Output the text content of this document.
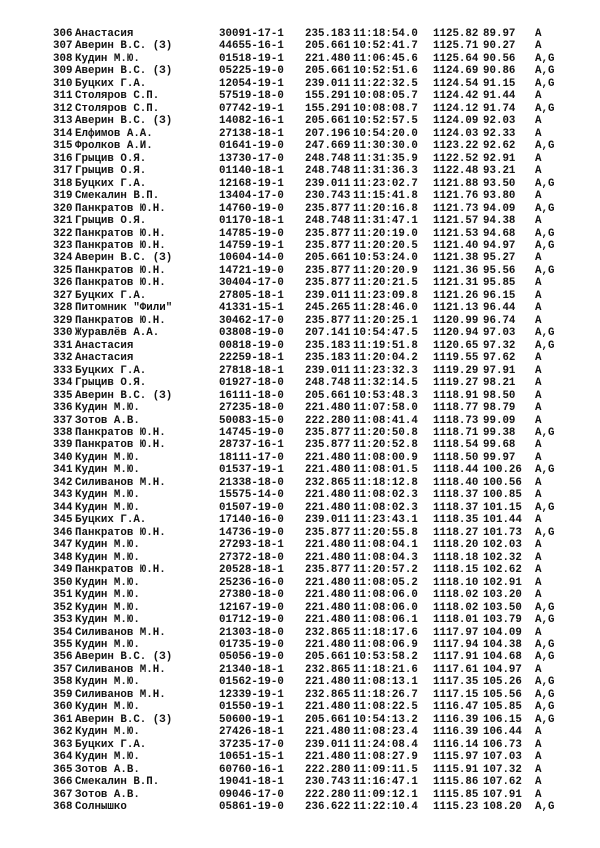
306 Анастасия	30091-17-1 235.183 11:18:54.0 1125.82 89.97 A
307 Аверин В.С. (З)	44655-16-1 205.661 10:52:41.7 1125.71 90.27 A
308 Кудин М.Ю.	01518-19-1 221.480 11:06:45.6 1125.64 90.56 A,G
309 Аверин В.С. (З)	05225-19-0 205.661 10:52:51.6 1124.69 90.86 A,G
310 Буцких Г.А.	12054-19-1 239.011 11:22:32.5 1124.54 91.15 A,G
311 Столяров С.П.	57519-18-0 155.291 10:08:05.7 1124.42 91.44 A
312 Столяров С.П.	07742-19-1 155.291 10:08:08.7 1124.12 91.74 A,G
313 Аверин В.С. (З)	14082-16-1 205.661 10:52:57.5 1124.09 92.03 A
314 Елфимов А.А.	27138-18-1 207.196 10:54:20.0 1124.03 92.33 A
315 Фролков А.И.	01641-19-0 247.669 11:30:30.0 1123.22 92.62 A,G
316 Грыцив О.Я.	13730-17-0 248.748 11:31:35.9 1122.52 92.91 A
317 Грыцив О.Я.	01140-18-1 248.748 11:31:36.3 1122.48 93.21 A
318 Буцких Г.А.	12168-19-1 239.011 11:23:02.7 1121.88 93.50 A,G
319 Смекалин В.П.	13404-17-0 230.743 11:15:41.8 1121.76 93.80 A
320 Панкратов Ю.Н.	14760-19-0 235.877 11:20:16.8 1121.73 94.09 A,G
321 Грыцив О.Я.	01170-18-1 248.748 11:31:47.1 1121.57 94.38 A
322 Панкратов Ю.Н.	14785-19-0 235.877 11:20:19.0 1121.53 94.68 A,G
323 Панкратов Ю.Н.	14759-19-1 235.877 11:20:20.5 1121.40 94.97 A,G
324 Аверин В.С. (З)	10604-14-0 205.661 10:53:24.0 1121.38 95.27 A
325 Панкратов Ю.Н.	14721-19-0 235.877 11:20:20.9 1121.36 95.56 A,G
326 Панкратов Ю.Н.	30404-17-0 235.877 11:20:21.5 1121.31 95.85 A
327 Буцких Г.А.	27805-18-1 239.011 11:23:09.8 1121.26 96.15 A
328 Питомник "Фили"	41331-15-1 245.265 11:28:46.0 1121.13 96.44 A
329 Панкратов Ю.Н.	30462-17-0 235.877 11:20:25.1 1120.99 96.74 A
330 Журавлёв А.А.	03808-19-0 207.141 10:54:47.5 1120.94 97.03 A,G
331 Анастасия	00818-19-0 235.183 11:19:51.8 1120.65 97.32 A,G
332 Анастасия	22259-18-1 235.183 11:20:04.2 1119.55 97.62 A
333 Буцких Г.А.	27818-18-1 239.011 11:23:32.3 1119.29 97.91 A
334 Грыцив О.Я.	01927-18-0 248.748 11:32:14.5 1119.27 98.21 A
335 Аверин В.С. (З)	16111-18-0 205.661 10:53:48.3 1118.91 98.50 A
336 Кудин М.Ю.	27235-18-0 221.480 11:07:58.0 1118.77 98.79 A
337 Зотов А.В.	50083-15-0 222.280 11:08:41.4 1118.73 99.09 A
338 Панкратов Ю.Н.	14745-19-0 235.877 11:20:50.8 1118.71 99.38 A,G
339 Панкратов Ю.Н.	28737-16-1 235.877 11:20:52.8 1118.54 99.68 A
340 Кудин М.Ю.	18111-17-0 221.480 11:08:00.9 1118.50 99.97 A
341 Кудин М.Ю.	01537-19-1 221.480 11:08:01.5 1118.44 100.26 A,G
342 Силиванов М.Н.	21338-18-0 232.865 11:18:12.8 1118.40 100.56 A
343 Кудин М.Ю.	15575-14-0 221.480 11:08:02.3 1118.37 100.85 A
344 Кудин М.Ю.	01507-19-0 221.480 11:08:02.3 1118.37 101.15 A,G
345 Буцких Г.А.	17140-16-0 239.011 11:23:43.1 1118.35 101.44 A
346 Панкратов Ю.Н.	14736-19-0 235.877 11:20:55.8 1118.27 101.73 A,G
347 Кудин М.Ю.	27293-18-1 221.480 11:08:04.1 1118.20 102.03 A
348 Кудин М.Ю.	27372-18-0 221.480 11:08:04.3 1118.18 102.32 A
349 Панкратов Ю.Н.	20528-18-1 235.877 11:20:57.2 1118.15 102.62 A
350 Кудин М.Ю.	25236-16-0 221.480 11:08:05.2 1118.10 102.91 A
351 Кудин М.Ю.	27380-18-0 221.480 11:08:06.0 1118.02 103.20 A
352 Кудин М.Ю.	12167-19-0 221.480 11:08:06.0 1118.02 103.50 A,G
353 Кудин М.Ю.	01712-19-0 221.480 11:08:06.1 1118.01 103.79 A,G
354 Силиванов М.Н.	21303-18-0 232.865 11:18:17.6 1117.97 104.09 A
355 Кудин М.Ю.	01735-19-0 221.480 11:08:06.9 1117.94 104.38 A,G
356 Аверин В.С. (З)	05056-19-0 205.661 10:53:58.2 1117.91 104.68 A,G
357 Силиванов М.Н.	21340-18-1 232.865 11:18:21.6 1117.61 104.97 A
358 Кудин М.Ю.	01562-19-0 221.480 11:08:13.1 1117.35 105.26 A,G
359 Силиванов М.Н.	12339-19-1 232.865 11:18:26.7 1117.15 105.56 A,G
360 Кудин М.Ю.	01550-19-1 221.480 11:08:22.5 1116.47 105.85 A,G
361 Аверин В.С. (З)	50600-19-1 205.661 10:54:13.2 1116.39 106.15 A,G
362 Кудин М.Ю.	27426-18-1 221.480 11:08:23.4 1116.39 106.44 A
363 Буцких Г.А.	37235-17-0 239.011 11:24:08.4 1116.14 106.73 A
364 Кудин М.Ю.	10651-15-1 221.480 11:08:27.9 1115.97 107.03 A
365 Зотов А.В.	60760-16-1 222.280 11:09:11.5 1115.91 107.32 A
366 Смекалин В.П.	19041-18-1 230.743 11:16:47.1 1115.86 107.62 A
367 Зотов А.В.	09046-17-0 222.280 11:09:12.1 1115.85 107.91 A
368 Солнышко	05861-19-0 236.622 11:22:10.4 1115.23 108.20 A,G
